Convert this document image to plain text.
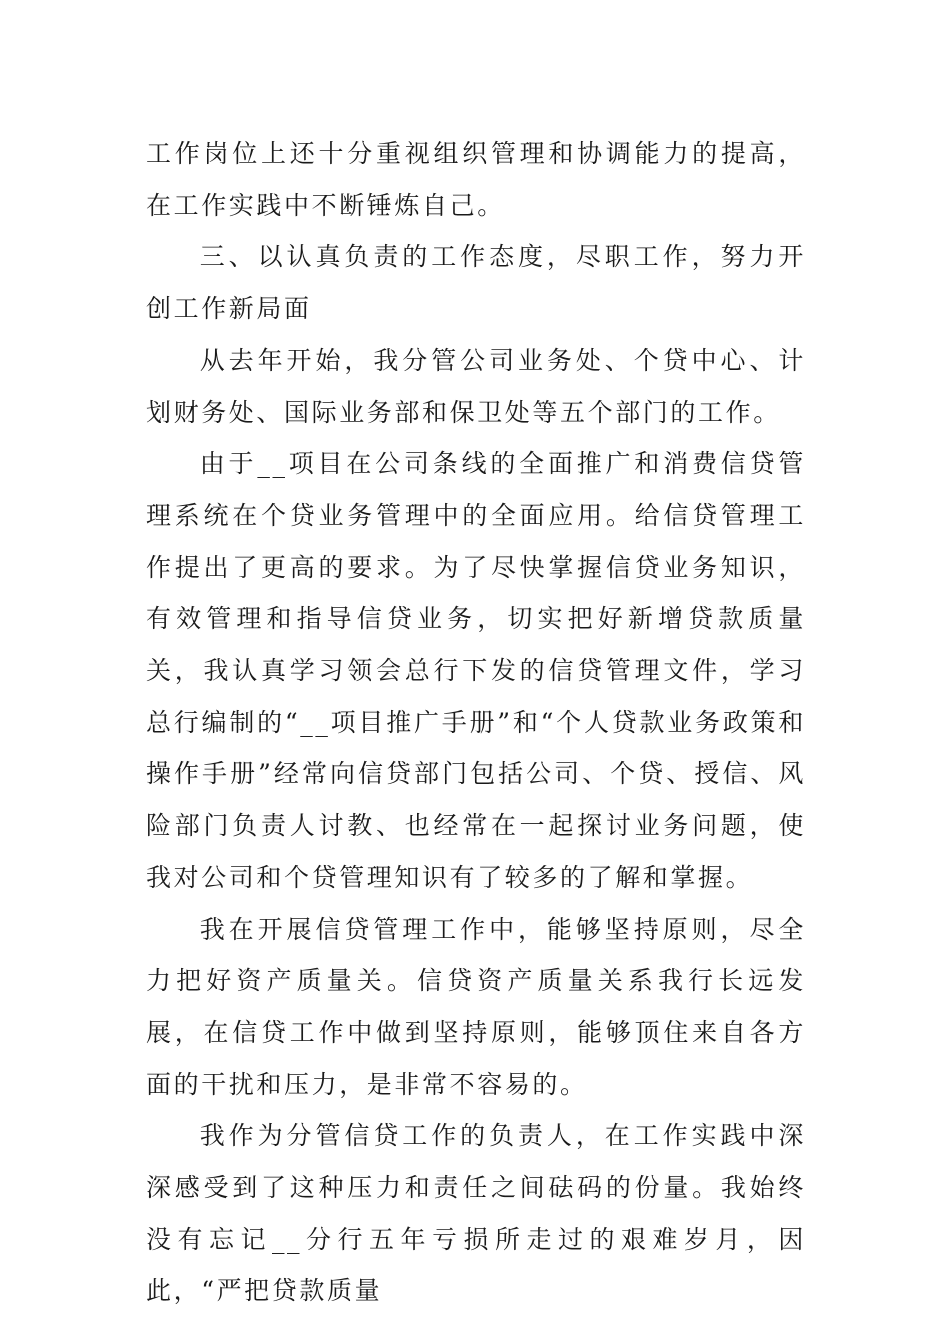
工作岗位上还十分重视组织管理和协调能力的提高，在工作实践中不断锤炼自己。

三、以认真负责的工作态度，尽职工作，努力开创工作新局面

从去年开始，我分管公司业务处、个贷中心、计划财务处、国际业务部和保卫处等五个部门的工作。

由于__项目在公司条线的全面推广和消费信贷管理系统在个贷业务管理中的全面应用。给信贷管理工作提出了更高的要求。为了尽快掌握信贷业务知识，有效管理和指导信贷业务，切实把好新增贷款质量关，我认真学习领会总行下发的信贷管理文件，学习总行编制的“__项目推广手册”和“个人贷款业务政策和操作手册”经常向信贷部门包括公司、个贷、授信、风险部门负责人讨教、也经常在一起探讨业务问题，使我对公司和个贷管理知识有了较多的了解和掌握。

我在开展信贷管理工作中，能够坚持原则，尽全力把好资产质量关。信贷资产质量关系我行长远发展，在信贷工作中做到坚持原则，能够顶住来自各方面的干扰和压力，是非常不容易的。

我作为分管信贷工作的负责人，在工作实践中深深感受到了这种压力和责任之间砝码的份量。我始终没有忘记__分行五年亏损所走过的艰难岁月，因此，“严把贷款质量
